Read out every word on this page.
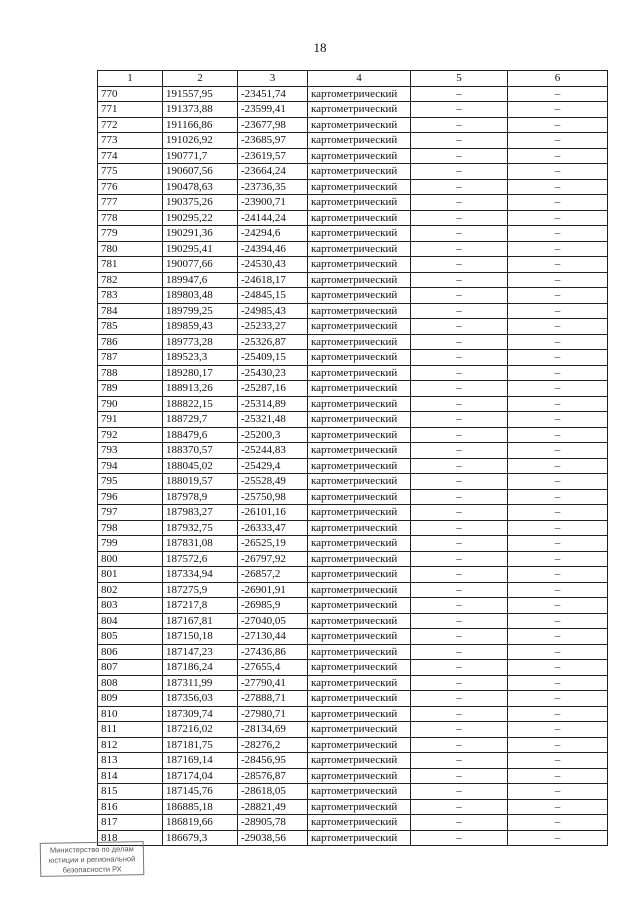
18
1	2	3	4	5	6
770	191557,95	-23451,74	картометрический	–	–
771	191373,88	-23599,41	картометрический	–	–
772	191166,86	-23677,98	картометрический	–	–
773	191026,92	-23685,97	картометрический	–	–
774	190771,7	-23619,57	картометрический	–	–
775	190607,56	-23664,24	картометрический	–	–
776	190478,63	-23736,35	картометрический	–	–
777	190375,26	-23900,71	картометрический	–	–
778	190295,22	-24144,24	картометрический	–	–
779	190291,36	-24294,6	картометрический	–	–
780	190295,41	-24394,46	картометрический	–	–
781	190077,66	-24530,43	картометрический	–	–
782	189947,6	-24618,17	картометрический	–	–
783	189803,48	-24845,15	картометрический	–	–
784	189799,25	-24985,43	картометрический	–	–
785	189859,43	-25233,27	картометрический	–	–
786	189773,28	-25326,87	картометрический	–	–
787	189523,3	-25409,15	картометрический	–	–
788	189280,17	-25430,23	картометрический	–	–
789	188913,26	-25287,16	картометрический	–	–
790	188822,15	-25314,89	картометрический	–	–
791	188729,7	-25321,48	картометрический	–	–
792	188479,6	-25200,3	картометрический	–	–
793	188370,57	-25244,83	картометрический	–	–
794	188045,02	-25429,4	картометрический	–	–
795	188019,57	-25528,49	картометрический	–	–
796	187978,9	-25750,98	картометрический	–	–
797	187983,27	-26101,16	картометрический	–	–
798	187932,75	-26333,47	картометрический	–	–
799	187831,08	-26525,19	картометрический	–	–
800	187572,6	-26797,92	картометрический	–	–
801	187334,94	-26857,2	картометрический	–	–
802	187275,9	-26901,91	картометрический	–	–
803	187217,8	-26985,9	картометрический	–	–
804	187167,81	-27040,05	картометрический	–	–
805	187150,18	-27130,44	картометрический	–	–
806	187147,23	-27436,86	картометрический	–	–
807	187186,24	-27655,4	картометрический	–	–
808	187311,99	-27790,41	картометрический	–	–
809	187356,03	-27888,71	картометрический	–	–
810	187309,74	-27980,71	картометрический	–	–
811	187216,02	-28134,69	картометрический	–	–
812	187181,75	-28276,2	картометрический	–	–
813	187169,14	-28456,95	картометрический	–	–
814	187174,04	-28576,87	картометрический	–	–
815	187145,76	-28618,05	картометрический	–	–
816	186885,18	-28821,49	картометрический	–	–
817	186819,66	-28905,78	картометрический	–	–
818	186679,3	-29038,56	картометрический	–	–
Министерство по делам
юстиции и региональной
безопасности РХ
